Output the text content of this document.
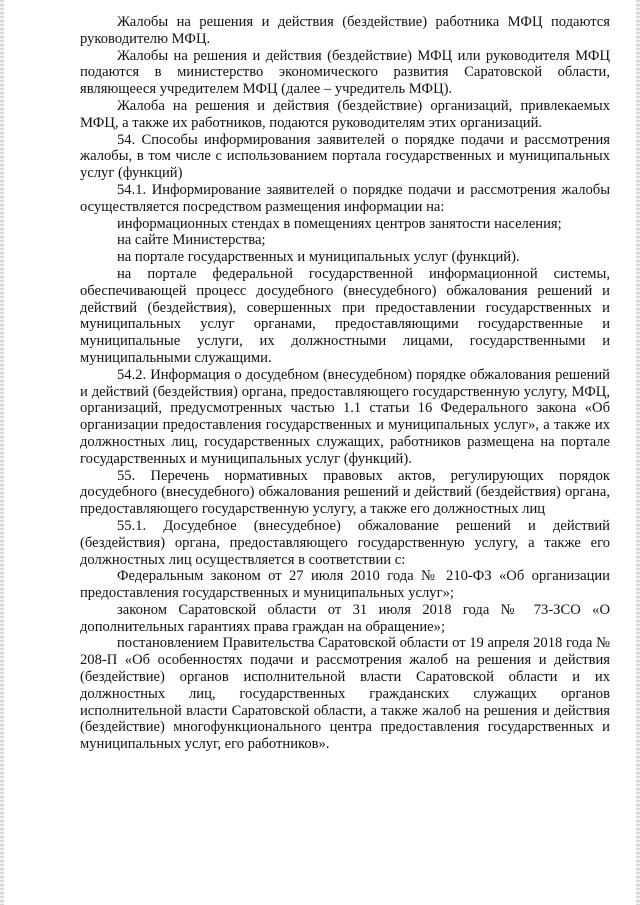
Жалобы на решения и действия (бездействие) работника МФЦ подаются руководителю МФЦ.

Жалобы на решения и действия (бездействие) МФЦ или руководителя МФЦ подаются в министерство экономического развития Саратовской области, являющееся учредителем МФЦ (далее – учредитель МФЦ).

Жалоба на решения и действия (бездействие) организаций, привлекаемых МФЦ, а также их работников, подаются руководителям этих организаций.

54. Способы информирования заявителей о порядке подачи и рассмотрения жалобы, в том числе с использованием портала государственных и муниципальных услуг (функций)

54.1. Информирование заявителей о порядке подачи и рассмотрения жалобы осуществляется посредством размещения информации на:

информационных стендах в помещениях центров занятости населения;

на сайте Министерства;

на портале государственных и муниципальных услуг (функций).

на портале федеральной государственной информационной системы, обеспечивающей процесс досудебного (внесудебного) обжалования решений и действий (бездействия), совершенных при предоставлении государственных и муниципальных услуг органами, предоставляющими государственные и муниципальные услуги, их должностными лицами, государственными и муниципальными служащими.

54.2. Информация о досудебном (внесудебном) порядке обжалования решений и действий (бездействия) органа, предоставляющего государственную услугу, МФЦ, организаций, предусмотренных частью 1.1 статьи 16 Федерального закона «Об организации предоставления государственных и муниципальных услуг», а также их должностных лиц, государственных служащих, работников размещена на портале государственных и муниципальных услуг (функций).

55. Перечень нормативных правовых актов, регулирующих порядок досудебного (внесудебного) обжалования решений и действий (бездействия) органа, предоставляющего государственную услугу, а также его должностных лиц

55.1. Досудебное (внесудебное) обжалование решений и действий (бездействия) органа, предоставляющего государственную услугу, а также его должностных лиц осуществляется в соответствии с:

Федеральным законом от 27 июля 2010 года № 210-ФЗ «Об организации предоставления государственных и муниципальных услуг»;

законом Саратовской области от 31 июля 2018 года № 73-ЗСО «О дополнительных гарантиях права граждан на обращение»;

постановлением Правительства Саратовской области от 19 апреля 2018 года № 208-П «Об особенностях подачи и рассмотрения жалоб на решения и действия (бездействие) органов исполнительной власти Саратовской области и их должностных лиц, государственных гражданских служащих органов исполнительной власти Саратовской области, а также жалоб на решения и действия (бездействие) многофункционального центра предоставления государственных и муниципальных услуг, его работников».
